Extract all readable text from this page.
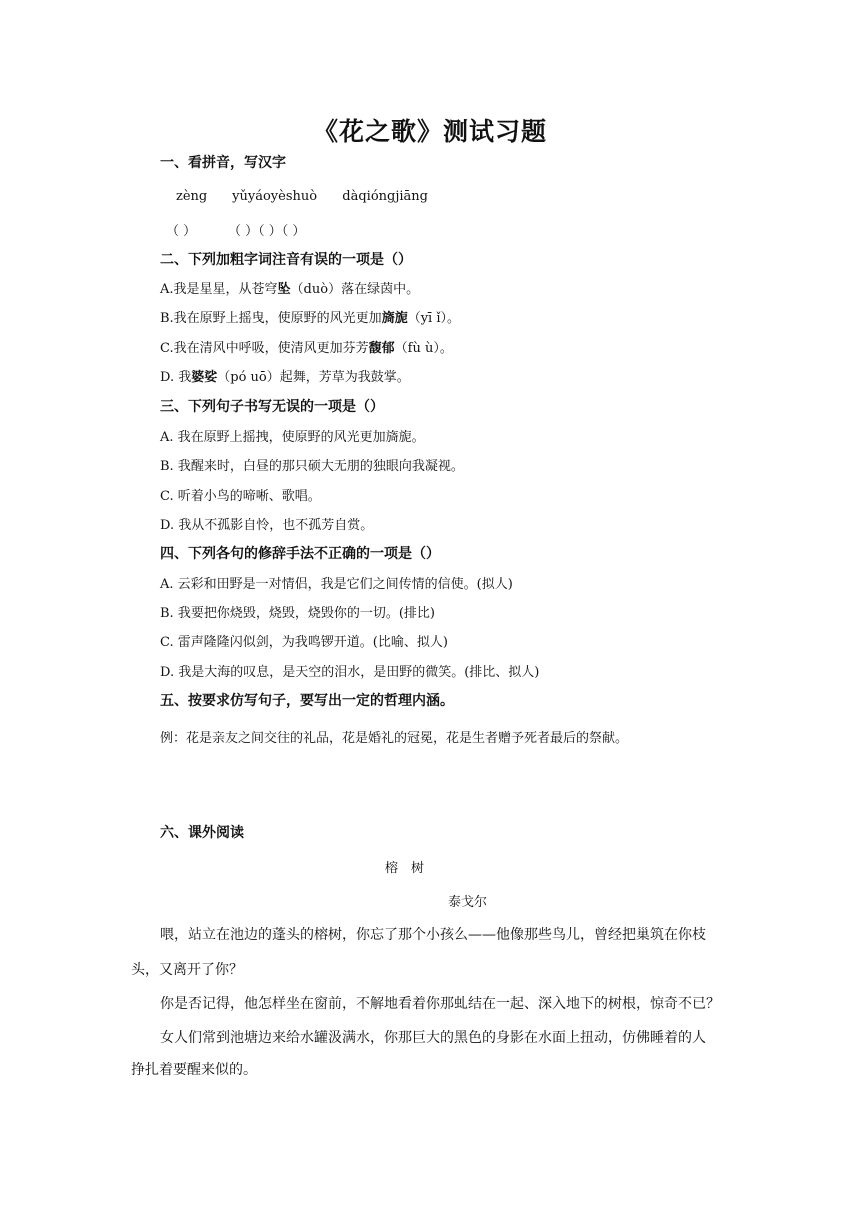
《花之歌》测试习题
一、看拼音，写汉字
zèng yǔyáoyèshuò dàqióngjiāng
（ ） （ ）（ ）（ ）
二、下列加粗字词注音有误的一项是（）
A.我是星星，从苍穹坠（duò）落在绿茵中。
B.我在原野上摇曳，使原野的风光更加旖旎（yī ǐ）。
C.我在清风中呼吸，使清风更加芬芳馥郁（fù ù）。
D. 我婆娑（pó uō）起舞，芳草为我鼓掌。
三、下列句子书写无误的一项是（）
A. 我在原野上摇拽，使原野的风光更加旖旎。
B. 我醒来时，白昼的那只硕大无朋的独眼向我凝视。
C. 听着小鸟的啼唽、歌唱。
D. 我从不孤影自怜，也不孤芳自赏。
四、下列各句的修辞手法不正确的一项是（）
A. 云彩和田野是一对情侣，我是它们之间传情的信使。(拟人)
B. 我要把你烧毁，烧毁，烧毁你的一切。(排比)
C. 雷声隆隆闪似剑，为我鸣锣开道。(比喻、拟人)
D. 我是大海的叹息，是天空的泪水，是田野的微笑。(排比、拟人)
五、按要求仿写句子，要写出一定的哲理内涵。
例：花是亲友之间交往的礼品，花是婚礼的冠冕，花是生者赠予死者最后的祭献。
六、课外阅读
榕　树
泰戈尔
喂，站立在池边的蓬头的榕树，你忘了那个小孩么——他像那些鸟儿，曾经把巢筑在你枝
头，又离开了你？
你是否记得，他怎样坐在窗前，不解地看着你那虬结在一起、深入地下的树根，惊奇不已？
女人们常到池塘边来给水罐汲满水，你那巨大的黑色的身影在水面上扭动，仿佛睡着的人
挣扎着要醒来似的。
